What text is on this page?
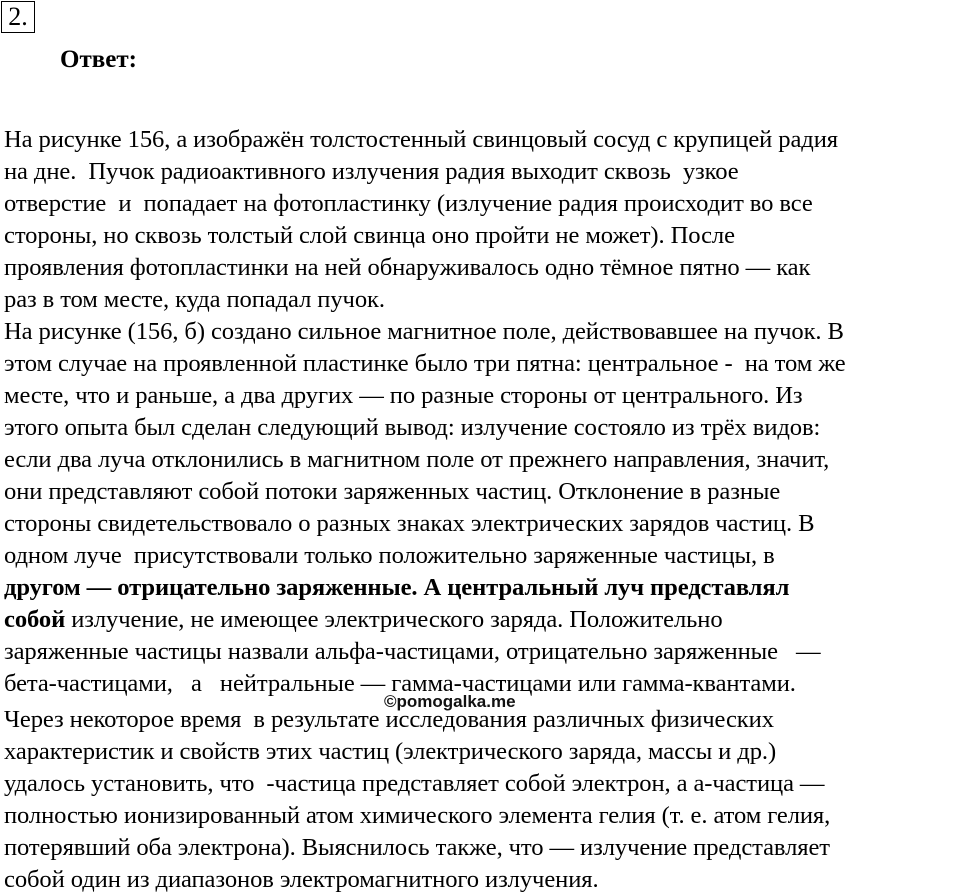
2.
Ответ:
На рисунке 156, а изображён толстостенный свинцовый сосуд с крупицей радия
на дне.  Пучок радиоактивного излучения радия выходит сквозь  узкое
отверстие  и  попадает на фотопластинку (излучение радия происходит во все
стороны, но сквозь толстый слой свинца оно пройти не может). После
проявления фотопластинки на ней обнаруживалось одно тёмное пятно — как
раз в том месте, куда попадал пучок.
На рисунке (156, б) создано сильное магнитное поле, действовавшее на пучок. В
этом случае на проявленной пластинке было три пятна: центральное -  на том же
месте, что и раньше, а два других — по разные стороны от центрального. Из
этого опыта был сделан следующий вывод: излучение состояло из трёх видов:
если два луча отклонились в магнитном поле от прежнего направления, значит,
они представляют собой потоки заряженных частиц. Отклонение в разные
стороны свидетельствовало о разных знаках электрических зарядов частиц. В
одном луче  присутствовали только положительно заряженные частицы, в
другом — отрицательно заряженные. А центральный луч представлял
собой излучение, не имеющее электрического заряда. Положительно
заряженные частицы назвали альфа-частицами, отрицательно заряженные   —
бета-частицами,   а   нейтральные — гамма-частицами или гамма-квантами.
Через некоторое время  в результате исследования различных физических
характеристик и свойств этих частиц (электрического заряда, массы и др.)
удалось установить, что  -частица представляет собой электрон, а а-частица —
полностью ионизированный атом химического элемента гелия (т. е. атом гелия,
потерявший оба электрона). Выяснилось также, что — излучение представляет
собой один из диапазонов электромагнитного излучения.
©pomogalka.me
